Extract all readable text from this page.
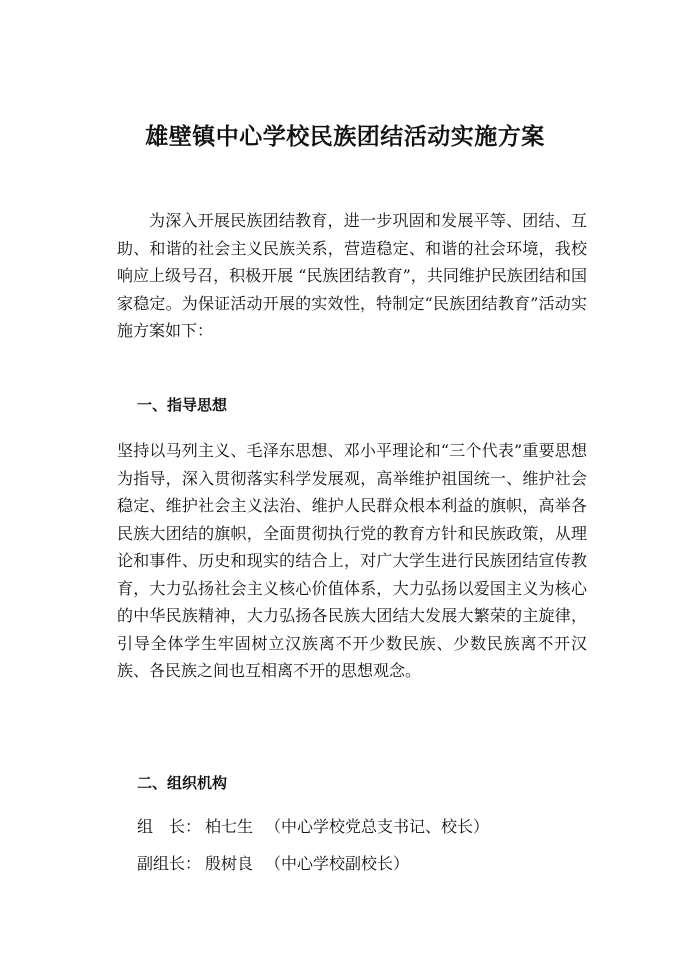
雄壁镇中心学校民族团结活动实施方案
为深入开展民族团结教育，进一步巩固和发展平等、团结、互助、和谐的社会主义民族关系，营造稳定、和谐的社会环境，我校响应上级号召，积极开展 “民族团结教育”，共同维护民族团结和国家稳定。为保证活动开展的实效性，特制定“民族团结教育”活动实施方案如下：
一、指导思想
坚持以马列主义、毛泽东思想、邓小平理论和“三个代表”重要思想为指导，深入贯彻落实科学发展观，高举维护祖国统一、维护社会稳定、维护社会主义法治、维护人民群众根本利益的旗帜，高举各民族大团结的旗帜，全面贯彻执行党的教育方针和民族政策，从理论和事件、历史和现实的结合上，对广大学生进行民族团结宣传教育，大力弘扬社会主义核心价值体系，大力弘扬以爱国主义为核心的中华民族精神，大力弘扬各民族大团结大发展大繁荣的主旋律，引导全体学生牢固树立汉族离不开少数民族、少数民族离不开汉族、各民族之间也互相离不开的思想观念。
二、组织机构
组　长： 柏七生 （中心学校党总支书记、校长）
副组长： 殷树良 （中心学校副校长）
